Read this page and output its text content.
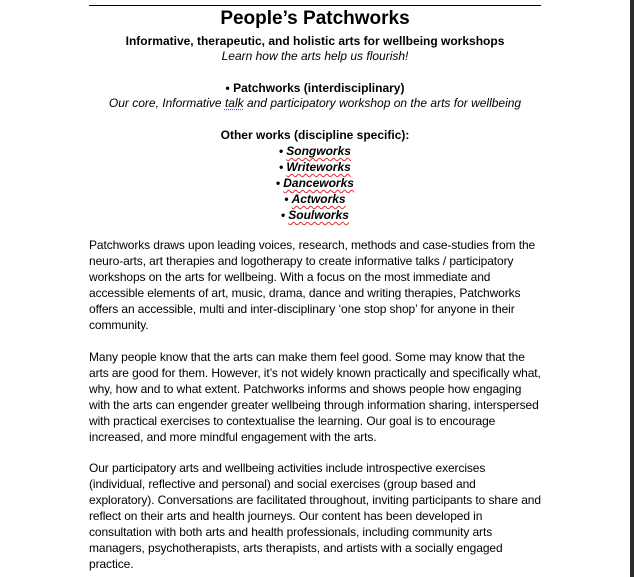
People’s Patchworks
Informative, therapeutic, and holistic arts for wellbeing workshops
Learn how the arts help us flourish!
• Patchworks (interdisciplinary)
Our core, Informative talk and participatory workshop on the arts for wellbeing
Other works (discipline specific):
• Songworks
• Writeworks
• Danceworks
• Actworks
• Soulworks

Patchworks draws upon leading voices, research, methods and case-studies from the neuro-arts, art therapies and logotherapy to create informative talks / participatory workshops on the arts for wellbeing. With a focus on the most immediate and accessible elements of art, music, drama, dance and writing therapies, Patchworks offers an accessible, multi and inter-disciplinary ‘one stop shop’ for anyone in their community.

Many people know that the arts can make them feel good. Some may know that the arts are good for them. However, it’s not widely known practically and specifically what, why, how and to what extent. Patchworks informs and shows people how engaging with the arts can engender greater wellbeing through information sharing, interspersed with practical exercises to contextualise the learning. Our goal is to encourage increased, and more mindful engagement with the arts.

Our participatory arts and wellbeing activities include introspective exercises (individual, reflective and personal) and social exercises (group based and exploratory). Conversations are facilitated throughout, inviting participants to share and reflect on their arts and health journeys. Our content has been developed in consultation with both arts and health professionals, including community arts managers, psychotherapists, arts therapists, and artists with a socially engaged practice.
